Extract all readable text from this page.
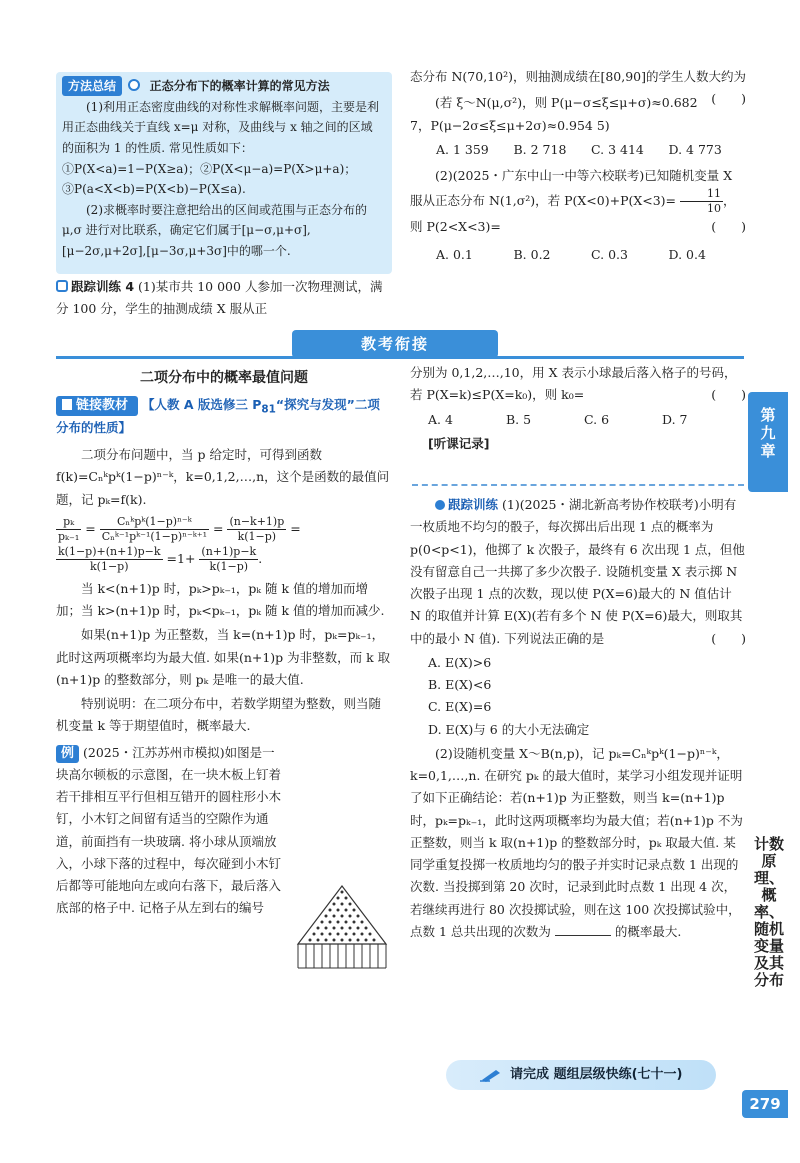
方法总结	正态分布下的概率计算的常见方法
(1)利用正态密度曲线的对称性求解概率问题，主要是利用正态曲线关于直线 x=μ 对称，及曲线与 x 轴之间的区域的面积为 1 的性质. 常见性质如下：①P(X<a)=1−P(X≥a)；②P(X<μ−a)=P(X>μ+a)；③P(a<X<b)=P(X<b)−P(X≤a).
(2)求概率时要注意把给出的区间或范围与正态分布的 μ,σ 进行对比联系，确定它们属于[μ−σ,μ+σ],[μ−2σ,μ+2σ],[μ−3σ,μ+3σ]中的哪一个.
跟踪训练 4 (1)某市共 10 000 人参加一次物理测试，满分 100 分，学生的抽测成绩 X 服从正
态分布 N(70,10²)，则抽测成绩在[80,90]的学生人数大约为
(　　)
(若 ξ～N(μ,σ²)，则 P(μ−σ≤ξ≤μ+σ)≈0.682 7，P(μ−2σ≤ξ≤μ+2σ)≈0.954 5)
A. 1 359	B. 2 718	C. 3 414	D. 4 773
(2)(2025・广东中山一中等六校联考)已知随机变量 X 服从正态分布 N(1,σ²)，若 $P(X<0)+P(X<3)= \frac{11}{10}$ ，则 P(2<X<3)=	(　　)
A. 0.1	B. 0.2	C. 0.3	D. 0.4
教考衔接
二项分布中的概率最值问题
链接教材 【人教 A 版选修三 $P_{81}“$探究与发现”二项分布的性质】
二项分布问题中，当 p 给定时，可得到函数 f(k)=Cₙᵏpᵏ(1−p)ⁿ⁻ᵏ，k=0,1,2,…,n，这个是函数的最值问题，记 pₖ=f(k).
$\frac{\text{pₖ}}{\text{pₖ₋₁}} = \frac{\text{Cₙᵏpᵏ(1−p)ⁿ⁻ᵏ}}{\text{Cₙᵏ⁻¹pᵏ⁻¹(1−p)ⁿ⁻ᵏ⁺¹}} = \frac{(n-k+1)p}{k(1-p)}$ =
$\frac{k(1-p)+(n+1)p-k}{k(1-p)} =1+ \frac{(n+1)p-k}{k(1-p)}$ .
当 k<(n+1)p 时，pₖ>pₖ₋₁，pₖ 随 k 值的增加而增加；当 k>(n+1)p 时，pₖ<pₖ₋₁，pₖ 随 k 值的增加而减少.
如果(n+1)p 为正整数，当 k=(n+1)p 时，pₖ=pₖ₋₁，此时这两项概率均为最大值. 如果(n+1)p 为非整数，而 k 取(n+1)p 的整数部分，则 pₖ 是唯一的最大值.
特别说明：在二项分布中，若数学期望为整数，则当随机变量 k 等于期望值时，概率最大.
例 (2025・江苏苏州市模拟)如图是一块高尔顿板的示意图，在一块木板上钉着若干排相互平行但相互错开的圆柱形小木钉，小木钉之间留有适当的空隙作为通道，前面挡有一块玻璃. 将小球从顶端放入，小球下落的过程中，每次碰到小木钉后都等可能地向左或向右落下，最后落入底部的格子中. 记格子从左到右的编号
分别为 0,1,2,…,10，用 X 表示小球最后落入格子的号码，若 P(X=k)≤P(X=k₀)，则 k₀=	(　　)
A. 4	B. 5	C. 6	D. 7
[听课记录]
跟踪训练 (1)(2025・湖北新高考协作校联考)小明有一枚质地不均匀的骰子，每次掷出后出现 1 点的概率为 p(0<p<1)，他掷了 k 次骰子，最终有 6 次出现 1 点，但他没有留意自己一共掷了多少次骰子. 设随机变量 X 表示掷 N 次骰子出现 1 点的次数，现以使 P(X=6)最大的 N 值估计 N 的取值并计算 E(X)(若有多个 N 使 P(X=6)最大，则取其中的最小 N 值). 下列说法正确的是	(　　)
A. E(X)>6
B. E(X)<6
C. E(X)=6
D. E(X)与 6 的大小无法确定
(2)设随机变量 X～B(n,p)，记 pₖ=Cₙᵏpᵏ(1−p)ⁿ⁻ᵏ，k=0,1,…,n. 在研究 pₖ 的最大值时，某学习小组发现并证明了如下正确结论：若(n+1)p 为正整数，则当 k=(n+1)p 时，pₖ=pₖ₋₁，此时这两项概率均为最大值；若(n+1)p 不为正整数，则当 k 取(n+1)p 的整数部分时，pₖ 取最大值. 某同学重复投掷一枚质地均匀的骰子并实时记录点数 1 出现的次数. 当投掷到第 20 次时，记录到此时点数 1 出现 4 次，若继续再进行 80 次投掷试验，则在这 100 次投掷试验中，点数 1 总共出现的次数为	的概率最大.
请完成 题组层级快练(七十一)
第九章
计数原理、概率、随机变量及其分布
279
